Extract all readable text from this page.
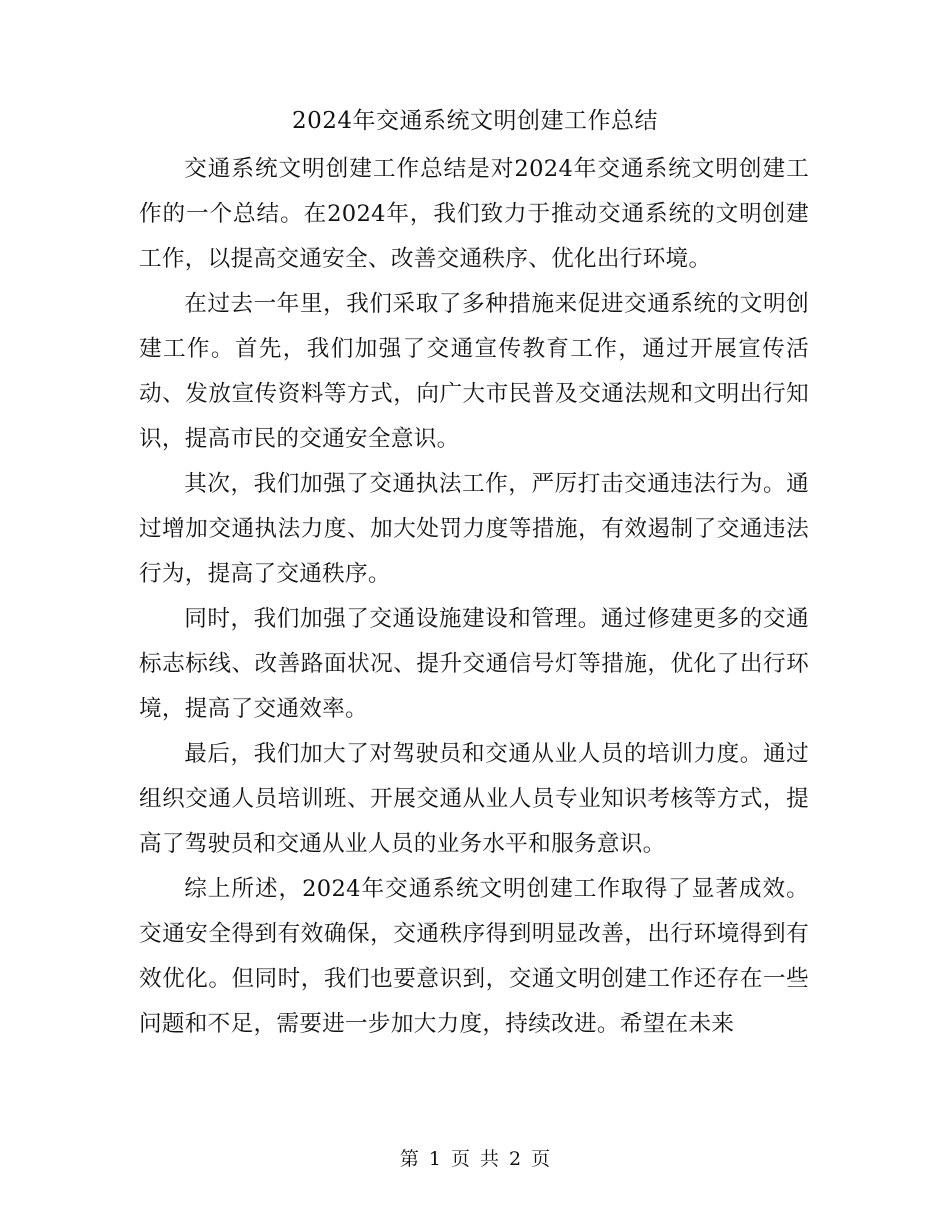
2024年交通系统文明创建工作总结

交通系统文明创建工作总结是对2024年交通系统文明创建工作的一个总结。在2024年，我们致力于推动交通系统的文明创建工作，以提高交通安全、改善交通秩序、优化出行环境。

在过去一年里，我们采取了多种措施来促进交通系统的文明创建工作。首先，我们加强了交通宣传教育工作，通过开展宣传活动、发放宣传资料等方式，向广大市民普及交通法规和文明出行知识，提高市民的交通安全意识。

其次，我们加强了交通执法工作，严厉打击交通违法行为。通过增加交通执法力度、加大处罚力度等措施，有效遏制了交通违法行为，提高了交通秩序。

同时，我们加强了交通设施建设和管理。通过修建更多的交通标志标线、改善路面状况、提升交通信号灯等措施，优化了出行环境，提高了交通效率。

最后，我们加大了对驾驶员和交通从业人员的培训力度。通过组织交通人员培训班、开展交通从业人员专业知识考核等方式，提高了驾驶员和交通从业人员的业务水平和服务意识。

综上所述，2024年交通系统文明创建工作取得了显著成效。交通安全得到有效确保，交通秩序得到明显改善，出行环境得到有效优化。但同时，我们也要意识到，交通文明创建工作还存在一些问题和不足，需要进一步加大力度，持续改进。希望在未来

第 1 页 共 2 页
